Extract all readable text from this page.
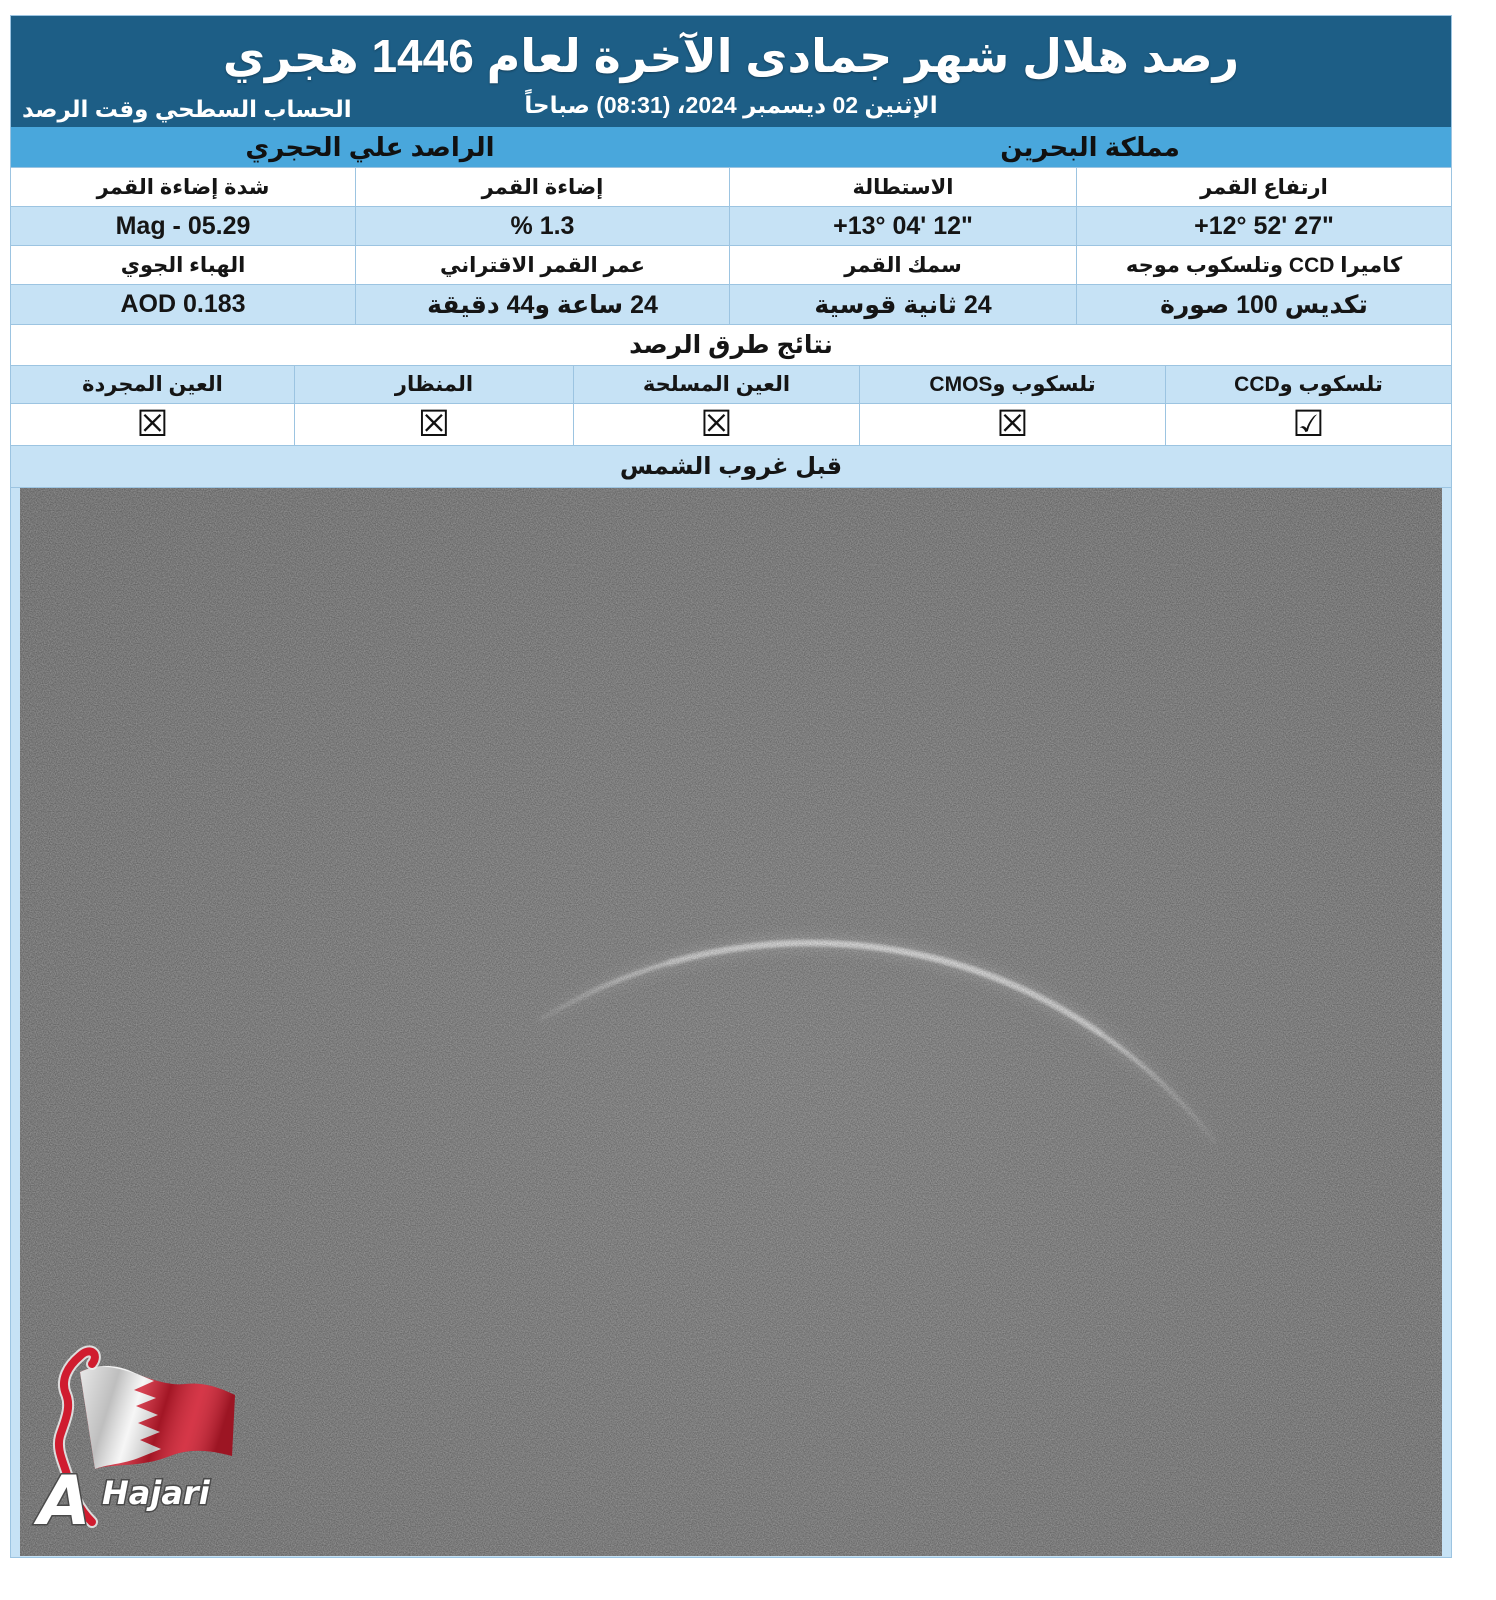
رصد هلال شهر جمادى الآخرة لعام 1446 هجري
الإثنين 02 ديسمبر 2024، (08:31) صباحاً
الحساب السطحي وقت الرصد
مملكة البحرين
الراصد علي الحجري
ارتفاع القمر
الاستطالة
إضاءة القمر
شدة إضاءة القمر
+12° 52' 27"
+13° 04' 12"
% 1.3
Mag - 05.29
كاميرا CCD وتلسكوب موجه
سمك القمر
عمر القمر الاقتراني
الهباء الجوي
تكديس 100 صورة
24 ثانية قوسية
24 ساعة و44 دقيقة
AOD 0.183
نتائج طرق الرصد
تلسكوب وCCD
تلسكوب وCMOS
العين المسلحة
المنظار
العين المجردة
☑
☒
☒
☒
☒
قبل غروب الشمس
A Hajari
